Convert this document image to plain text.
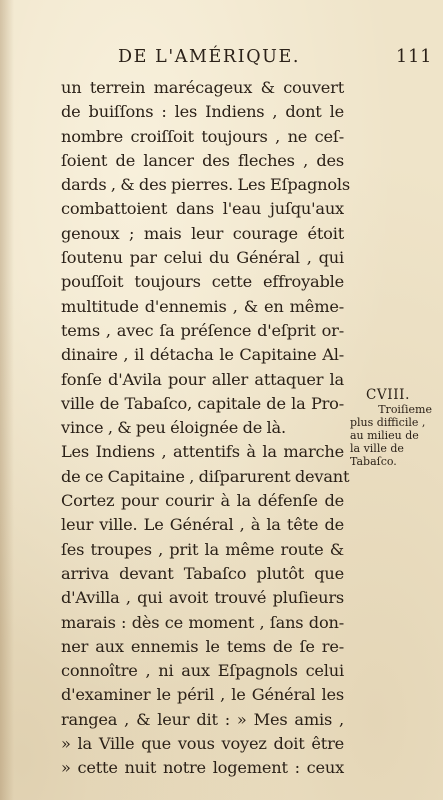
DE L'AMÉRIQUE.	111
un terrein marécageux & couvert
de buiſſons : les Indiens , dont le
nombre croiſſoit toujours , ne ceſ-
ſoient de lancer des fleches , des
dards , & des pierres. Les Eſpagnols
combattoient dans l'eau juſqu'aux
genoux ; mais leur courage étoit
ſoutenu par celui du Général , qui
pouſſoit toujours cette effroyable
multitude d'ennemis , & en même-
tems , avec ſa préſence d'eſprit or-
dinaire , il détacha le Capitaine Al-
fonſe d'Avila pour aller attaquer la
ville de Tabaſco, capitale de la Pro-
vince , & peu éloignée de là.
Les Indiens , attentifs à la marche
de ce Capitaine , diſparurent devant
Cortez pour courir à la défenſe de
leur ville. Le Général , à la tête de
ſes troupes , prit la même route &
arriva devant Tabaſco plutôt que
d'Avilla , qui avoit trouvé pluſieurs
marais : dès ce moment , ſans don-
ner aux ennemis le tems de ſe re-
connoître , ni aux Eſpagnols celui
d'examiner le péril , le Général les
rangea , & leur dit : » Mes amis ,
» la Ville que vous voyez doit être
» cette nuit notre logement : ceux
CVIII.
Troiſieme
plus difficile ,
au milieu de
la ville de
Tabaſco.
